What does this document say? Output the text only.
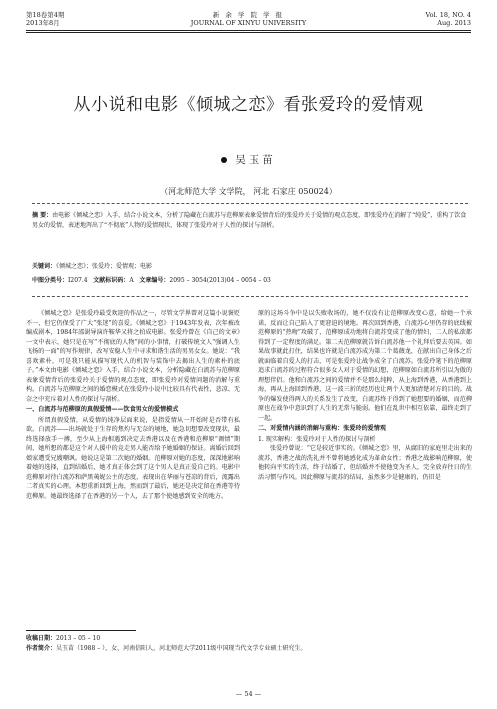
第18卷第4期
2013年8月
新 余 学 院 学 报
JOURNAL OF XINYU UNIVERSITY
Vol. 18, NO. 4
Aug. 2013
从小说和电影《倾城之恋》看张爱玲的爱情观
吴玉苗
（河北师范大学 文学院， 河北 石家庄 050024）
摘 要：由电影《倾城之恋》入手，结合小说文本，分析了隐藏在白流苏与范柳原表象爱情背后的张爱玲关于爱情的观点态度，即张爱玲在消解了“纯爱”，重构了饮食男女的爱情，表述地泻出了“不彻底”人物的爱情现状，体现了张爱玲对于人性的探讨与剖析。
关键词：《倾城之恋》；张爱玲；爱情观；电影
中图分类号：I207.4 文献标识码：A 文章编号：2095 – 3054(2013)04 – 0054 – 03

《倾城之恋》是张爱玲最受欢迎的作品之一，尽管文学界曾对这篇小说褒贬不一，但它仍保受了广大“张迷”的喜爱。《倾城之恋》于1943年发表，次年被改编成剧本，1984年邵澍导演许鞍华又将之拍成电影。张爱玲曾在《自己的文章》一文中表示，她只是在写“不彻底的人物”间的小事情，打破传统文人“强调人生飞扬的一面”的写作规律，改写安稳人生中寻求和谐生活的男男女女。她说：“我喜欢素朴，可是我只能从描写现代人的机智与装饰中去揭出人生的素朴的底子。”本文由电影《倾城之恋》入手，结合小说文本，分析隐藏在白流苏与范柳原表象爱情背后的张爱玲关于爱情的观点态度，即张爱玲对爱情问题的消解与重构。白流苏与范柳原之间的婚恋模式在张爱玲小说中比较具有代表性，悲凉、无奈之中充斥着对人性的探讨与剖析。

一、白流苏与范柳原的真假爱情——饮食男女的爱情模式

所谓真假爱情，从爱情的纯净层面来说，是指爱情从一开始时是否带有私欲。白流苏——出场就处于生存的焦灼与无奈的境地，她急切想要改变现状，最终选择放手一搏，至少从上海相遇到决定去香港以及在香港和范柳原“调情”期间，她所想的都是这个对人援中的竞走男人能否给予她婚姻的保证。离婚后回到娘家遭受兄嫂嘲讽。她说这是第二次她的婚姻。范柳原对她的态度，深深地影响着她的选择，直到结婚后，她才真正体会到了这个男人是真正爱自己的。电影中范柳原对待白流苏和萨黑荑妮公主的态度，表现出在华丽与苍凉的背后，流露出二者真实的心理。本想重新回到上海，然而到了最后，她还是决定留在香港等待范柳原。她最终选择了在香港的另一个人，去了那个使她感到安全的地方。

原的这场斗争中是以失败收场的，她不仅没有让范柳原改变心意，给她一个承诺，反而让自己陷入了更窘迫的境地。再次回到香港，白流苏心里仍存的底线被范柳原的“热吻”攻破了，范柳原成功地将白流苏变成了他的情妇，二人的私欲都得到了一定程度的满足。第二天范柳原就告诉白流苏他一个礼拜后要去英国。如果故事就此打住，结果也许就是白流苏成为第二个葛薇龙，在献出自己身体之后就面临着自爱人的打击，可是张爱玲让战争成全了白流苏。张爱玲笔下的范柳原追求白流苏的过程符合很多女人对于爱情的幻想，范柳原如白流苏所引以为傲的理想伴侣。他和白流苏之间的爱情并不是那么纯粹，从上海到香港，从香港到上海，再从上海回到香港，这一波三折的经历也让两个人更加清楚对方的目的。战争的爆发使得两人的关系发生了改变，白流苏终于得到了她想要的婚姻，而范柳原也在战争中意识到了人生的无常与脆弱。他们在乱世中相互依靠，最终走到了一起。

二、对爱情内涵的消解与重构：张爱玲的爱情观

1. 现实解构：张爱玲对于人性的探讨与剖析

张爱玲曾说：“它是较近事实的。《倾城之恋》里，从腐旧的家庭里走出来的流苏，香港之战的洗礼并不曾将她感化成为革命女性；香港之战影响范柳原，使他转向平实的生活，终于结婚了，但结婚并不使他变为圣人，完全放弃往日的生活习惯与作风。因此柳原与流苏的结局，虽然多少是健康的，仍旧是

收稿日期：2013 – 05 – 10
作者简介：吴玉苗（1988 – ），女，河南信阳人，河北师范大学2011级中国现当代文学专业硕士研究生。
— 54 —
